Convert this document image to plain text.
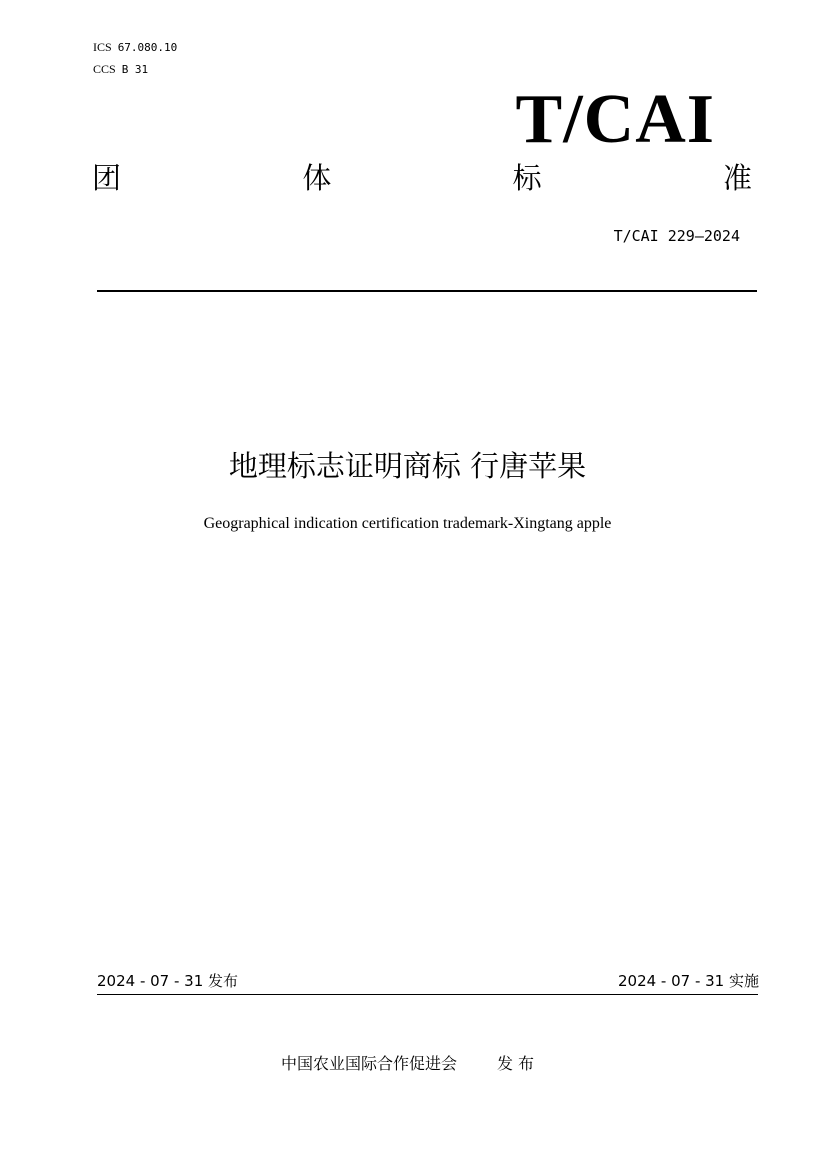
ICS 67.080.10
CCS B 31
T/CAI
团	体	标	准
T/CAI 229—2024
地理标志证明商标 行唐苹果
Geographical indication certification trademark-Xingtang apple
2024 - 07 - 31 发布	2024 - 07 - 31 实施
中国农业国际合作促进会	发 布
